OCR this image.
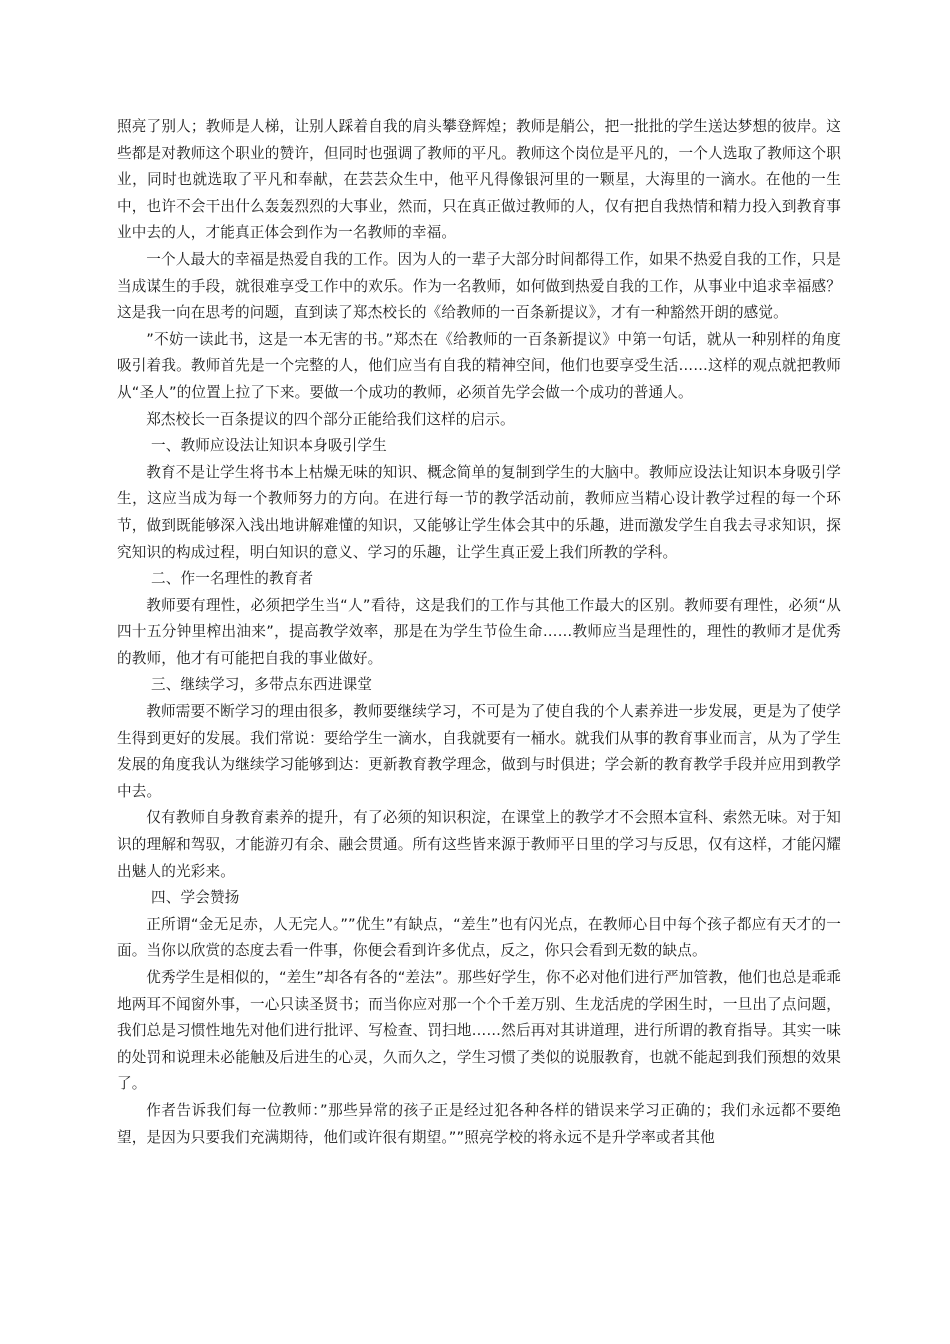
照亮了别人；教师是人梯，让别人踩着自我的肩头攀登辉煌；教师是艄公，把一批批的学生送达梦想的彼岸。这些都是对教师这个职业的赞许，但同时也强调了教师的平凡。教师这个岗位是平凡的，一个人选取了教师这个职业，同时也就选取了平凡和奉献，在芸芸众生中，他平凡得像银河里的一颗星，大海里的一滴水。在他的一生中，也许不会干出什么轰轰烈烈的大事业，然而，只在真正做过教师的人，仅有把自我热情和精力投入到教育事业中去的人，才能真正体会到作为一名教师的幸福。

一个人最大的幸福是热爱自我的工作。因为人的一辈子大部分时间都得工作，如果不热爱自我的工作，只是当成谋生的手段，就很难享受工作中的欢乐。作为一名教师，如何做到热爱自我的工作，从事业中追求幸福感？这是我一向在思考的问题，直到读了郑杰校长的《给教师的一百条新提议》，才有一种豁然开朗的感觉。

”不妨一读此书，这是一本无害的书。”郑杰在《给教师的一百条新提议》中第一句话，就从一种别样的角度吸引着我。教师首先是一个完整的人，他们应当有自我的精神空间，他们也要享受生活……这样的观点就把教师从“圣人”的位置上拉了下来。要做一个成功的教师，必须首先学会做一个成功的普通人。

郑杰校长一百条提议的四个部分正能给我们这样的启示。

一、教师应设法让知识本身吸引学生

教育不是让学生将书本上枯燥无味的知识、概念简单的复制到学生的大脑中。教师应设法让知识本身吸引学生，这应当成为每一个教师努力的方向。在进行每一节的教学活动前，教师应当精心设计教学过程的每一个环节，做到既能够深入浅出地讲解难懂的知识，又能够让学生体会其中的乐趣，进而激发学生自我去寻求知识，探究知识的构成过程，明白知识的意义、学习的乐趣，让学生真正爱上我们所教的学科。

二、作一名理性的教育者

教师要有理性，必须把学生当“人”看待，这是我们的工作与其他工作最大的区别。教师要有理性，必须“从四十五分钟里榨出油来”，提高教学效率，那是在为学生节俭生命……教师应当是理性的，理性的教师才是优秀的教师，他才有可能把自我的事业做好。

三、继续学习，多带点东西进课堂

教师需要不断学习的理由很多，教师要继续学习，不可是为了使自我的个人素养进一步发展，更是为了使学生得到更好的发展。我们常说：要给学生一滴水，自我就要有一桶水。就我们从事的教育事业而言，从为了学生发展的角度我认为继续学习能够到达：更新教育教学理念，做到与时俱进；学会新的教育教学手段并应用到教学中去。

仅有教师自身教育素养的提升，有了必须的知识积淀，在课堂上的教学才不会照本宣科、索然无味。对于知识的理解和驾驭，才能游刃有余、融会贯通。所有这些皆来源于教师平日里的学习与反思，仅有这样，才能闪耀出魅人的光彩来。

四、学会赞扬

正所谓“金无足赤，人无完人。””优生”有缺点，“差生”也有闪光点，在教师心目中每个孩子都应有天才的一面。当你以欣赏的态度去看一件事，你便会看到许多优点，反之，你只会看到无数的缺点。

优秀学生是相似的，“差生”却各有各的“差法”。那些好学生，你不必对他们进行严加管教，他们也总是乖乖地两耳不闻窗外事，一心只读圣贤书；而当你应对那一个个千差万别、生龙活虎的学困生时，一旦出了点问题，我们总是习惯性地先对他们进行批评、写检查、罚扫地……然后再对其讲道理，进行所谓的教育指导。其实一味的处罚和说理未必能触及后进生的心灵，久而久之，学生习惯了类似的说服教育，也就不能起到我们预想的效果了。

作者告诉我们每一位教师：”那些异常的孩子正是经过犯各种各样的错误来学习正确的；我们永远都不要绝望，是因为只要我们充满期待，他们或许很有期望。””照亮学校的将永远不是升学率或者其他
